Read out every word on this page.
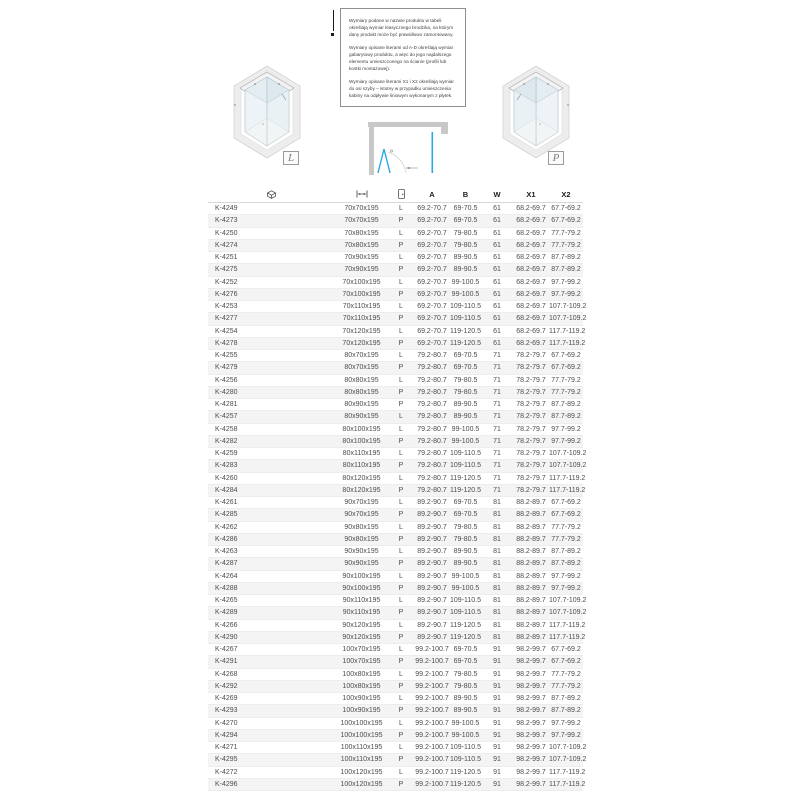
L

Wymiary podane w nazwie produktu w tabeli określają wymiar klasycznego brodzika, na którym dany produkt może być prawidłowo zamontowany.

Wymiary opisane literami od A-D określają wymiar gabarytowy produktu, a więc do jego najdalszego elementu umieszczonego na ścianie (profili lub kostki montażowej).

Wymiary opisane literami X1 i X2 określają wymiar do osi szyby – istotny w przypadku umieszczenia kabiny na odpływie liniowym wykonanym z płytek.

P
A	B	W	X1	X2
K-4249	70x70x195	L	69.2-70.7 69-70.5	61	68.2-69.7 67.7-69.2
K-4273	70x70x195	P	69.2-70.7 69-70.5	61	68.2-69.7 67.7-69.2
K-4250	70x80x195	L	69.2-70.7 79-80.5	61	68.2-69.7 77.7-79.2
K-4274	70x80x195	P	69.2-70.7 79-80.5	61	68.2-69.7 77.7-79.2
K-4251	70x90x195	L	69.2-70.7 89-90.5	61	68.2-69.7 87.7-89.2
K-4275	70x90x195	P	69.2-70.7 89-90.5	61	68.2-69.7 87.7-89.2
K-4252	70x100x195	L	69.2-70.7 99-100.5	61	68.2-69.7 97.7-99.2
K-4276	70x100x195	P	69.2-70.7 99-100.5	61	68.2-69.7 97.7-99.2
K-4253	70x110x195	L	69.2-70.7 109-110.5	61	68.2-69.7 107.7-109.2
K-4277	70x110x195	P	69.2-70.7 109-110.5	61	68.2-69.7 107.7-109.2
K-4254	70x120x195	L	69.2-70.7 119-120.5	61	68.2-69.7 117.7-119.2
K-4278	70x120x195	P	69.2-70.7 119-120.5	61	68.2-69.7 117.7-119.2
K-4255	80x70x195	L	79.2-80.7 69-70.5	71	78.2-79.7 67.7-69.2
K-4279	80x70x195	P	79.2-80.7 69-70.5	71	78.2-79.7 67.7-69.2
K-4256	80x80x195	L	79.2-80.7 79-80.5	71	78.2-79.7 77.7-79.2
K-4280	80x80x195	P	79.2-80.7 79-80.5	71	78.2-79.7 77.7-79.2
K-4281	80x90x195	P	79.2-80.7 89-90.5	71	78.2-79.7 87.7-89.2
K-4257	80x90x195	L	79.2-80.7 89-90.5	71	78.2-79.7 87.7-89.2
K-4258	80x100x195	L	79.2-80.7 99-100.5	71	78.2-79.7 97.7-99.2
K-4282	80x100x195	P	79.2-80.7 99-100.5	71	78.2-79.7 97.7-99.2
K-4259	80x110x195	L	79.2-80.7 109-110.5	71	78.2-79.7 107.7-109.2
K-4283	80x110x195	P	79.2-80.7 109-110.5	71	78.2-79.7 107.7-109.2
K-4260	80x120x195	L	79.2-80.7 119-120.5	71	78.2-79.7 117.7-119.2
K-4284	80x120x195	P	79.2-80.7 119-120.5	71	78.2-79.7 117.7-119.2
K-4261	90x70x195	L	89.2-90.7 69-70.5	81	88.2-89.7 67.7-69.2
K-4285	90x70x195	P	89.2-90.7 69-70.5	81	88.2-89.7 67.7-69.2
K-4262	90x80x195	L	89.2-90.7 79-80.5	81	88.2-89.7 77.7-79.2
K-4286	90x80x195	P	89.2-90.7 79-80.5	81	88.2-89.7 77.7-79.2
K-4263	90x90x195	L	89.2-90.7 89-90.5	81	88.2-89.7 87.7-89.2
K-4287	90x90x195	P	89.2-90.7 89-90.5	81	88.2-89.7 87.7-89.2
K-4264	90x100x195	L	89.2-90.7 99-100.5	81	88.2-89.7 97.7-99.2
K-4288	90x100x195	P	89.2-90.7 99-100.5	81	88.2-89.7 97.7-99.2
K-4265	90x110x195	L	89.2-90.7 109-110.5	81	88.2-89.7 107.7-109.2
K-4289	90x110x195	P	89.2-90.7 109-110.5	81	88.2-89.7 107.7-109.2
K-4266	90x120x195	L	89.2-90.7 119-120.5	81	88.2-89.7 117.7-119.2
K-4290	90x120x195	P	89.2-90.7 119-120.5	81	88.2-89.7 117.7-119.2
K-4267	100x70x195	L	99.2-100.7 69-70.5	91	98.2-99.7 67.7-69.2
K-4291	100x70x195	P	99.2-100.7 69-70.5	91	98.2-99.7 67.7-69.2
K-4268	100x80x195	L	99.2-100.7 79-80.5	91	98.2-99.7 77.7-79.2
K-4292	100x80x195	P	99.2-100.7 79-80.5	91	98.2-99.7 77.7-79.2
K-4269	100x90x195	L	99.2-100.7 89-90.5	91	98.2-99.7 87.7-89.2
K-4293	100x90x195	P	99.2-100.7 89-90.5	91	98.2-99.7 87.7-89.2
K-4270	100x100x195	L	99.2-100.7 99-100.5	91	98.2-99.7 97.7-99.2
K-4294	100x100x195	P	99.2-100.7 99-100.5	91	98.2-99.7 97.7-99.2
K-4271	100x110x195	L	99.2-100.7 109-110.5	91	98.2-99.7 107.7-109.2
K-4295	100x110x195	P	99.2-100.7 109-110.5	91	98.2-99.7 107.7-109.2
K-4272	100x120x195	L	99.2-100.7 119-120.5	91	98.2-99.7 117.7-119.2
K-4296	100x120x195	P	99.2-100.7 119-120.5	91	98.2-99.7 117.7-119.2
